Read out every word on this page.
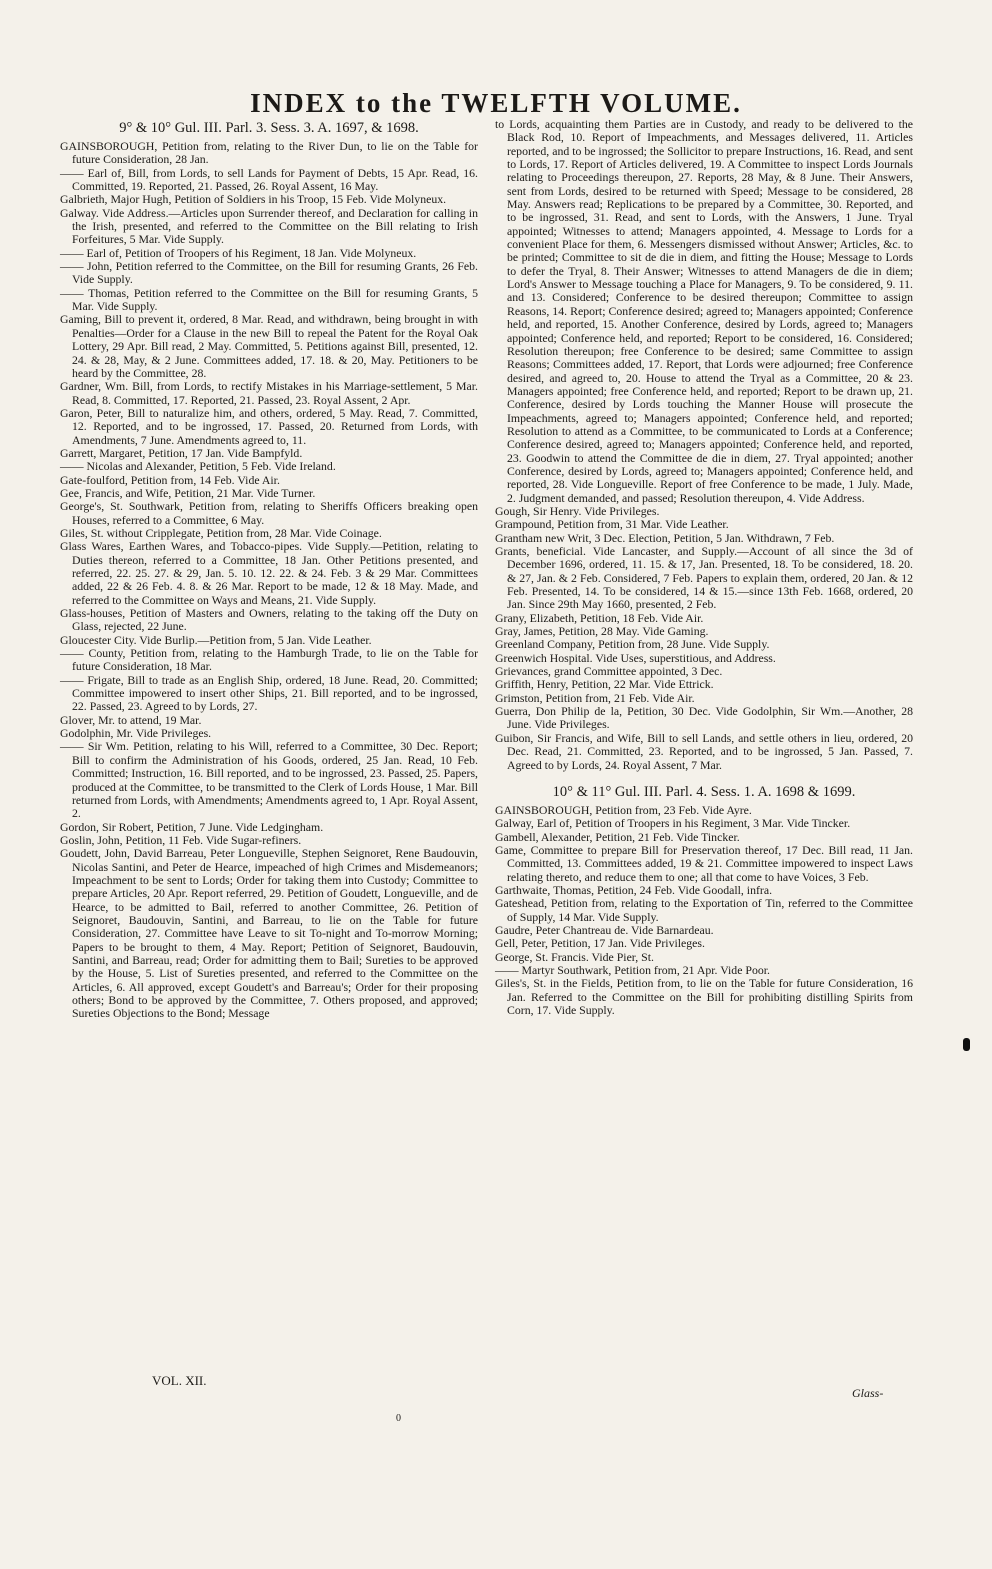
INDEX to the TWELFTH VOLUME.
9° & 10° Gul. III. Parl. 3. Sess. 3. A. 1697, & 1698.

GAINSBOROUGH, Petition from, relating to the River Dun, to lie on the Table for future Consideration, 28 Jan.

—— Earl of, Bill, from Lords, to sell Lands for Payment of Debts, 15 Apr. Read, 16. Committed, 19. Reported, 21. Passed, 26. Royal Assent, 16 May.

Galbrieth, Major Hugh, Petition of Soldiers in his Troop, 15 Feb. Vide Molyneux.

Galway. Vide Address.—Articles upon Surrender thereof, and Declaration for calling in the Irish, presented, and referred to the Committee on the Bill relating to Irish Forfeitures, 5 Mar. Vide Supply.

—— Earl of, Petition of Troopers of his Regiment, 18 Jan. Vide Molyneux.

—— John, Petition referred to the Committee, on the Bill for resuming Grants, 26 Feb. Vide Supply.

—— Thomas, Petition referred to the Committee on the Bill for resuming Grants, 5 Mar. Vide Supply.

Gaming, Bill to prevent it, ordered, 8 Mar. Read, and withdrawn, being brought in with Penalties—Order for a Clause in the new Bill to repeal the Patent for the Royal Oak Lottery, 29 Apr. Bill read, 2 May. Committed, 5. Petitions against Bill, presented, 12. 24. & 28, May, & 2 June. Committees added, 17. 18. & 20, May. Petitioners to be heard by the Committee, 28.

Gardner, Wm. Bill, from Lords, to rectify Mistakes in his Marriage-settlement, 5 Mar. Read, 8. Committed, 17. Reported, 21. Passed, 23. Royal Assent, 2 Apr.

Garon, Peter, Bill to naturalize him, and others, ordered, 5 May. Read, 7. Committed, 12. Reported, and to be ingrossed, 17. Passed, 20. Returned from Lords, with Amendments, 7 June. Amendments agreed to, 11.

Garrett, Margaret, Petition, 17 Jan. Vide Bampfyld.

—— Nicolas and Alexander, Petition, 5 Feb. Vide Ireland.

Gate-foulford, Petition from, 14 Feb. Vide Air.

Gee, Francis, and Wife, Petition, 21 Mar. Vide Turner.

George's, St. Southwark, Petition from, relating to Sheriffs Officers breaking open Houses, referred to a Committee, 6 May.

Giles, St. without Cripplegate, Petition from, 28 Mar. Vide Coinage.

Glass Wares, Earthen Wares, and Tobacco-pipes. Vide Supply.—Petition, relating to Duties thereon, referred to a Committee, 18 Jan. Other Petitions presented, and referred, 22. 25. 27. & 29, Jan. 5. 10. 12. 22. & 24. Feb. 3 & 29 Mar. Committees added, 22 & 26 Feb. 4. 8. & 26 Mar. Report to be made, 12 & 18 May. Made, and referred to the Committee on Ways and Means, 21. Vide Supply.

Glass-houses, Petition of Masters and Owners, relating to the taking off the Duty on Glass, rejected, 22 June.

Gloucester City. Vide Burlip.—Petition from, 5 Jan. Vide Leather.

—— County, Petition from, relating to the Hamburgh Trade, to lie on the Table for future Consideration, 18 Mar.

—— Frigate, Bill to trade as an English Ship, ordered, 18 June. Read, 20. Committed; Committee impowered to insert other Ships, 21. Bill reported, and to be ingrossed, 22. Passed, 23. Agreed to by Lords, 27.

Glover, Mr. to attend, 19 Mar.

Godolphin, Mr. Vide Privileges.

—— Sir Wm. Petition, relating to his Will, referred to a Committee, 30 Dec. Report; Bill to confirm the Administration of his Goods, ordered, 25 Jan. Read, 10 Feb. Committed; Instruction, 16. Bill reported, and to be ingrossed, 23. Passed, 25. Papers, produced at the Committee, to be transmitted to the Clerk of Lords House, 1 Mar. Bill returned from Lords, with Amendments; Amendments agreed to, 1 Apr. Royal Assent, 2.

Gordon, Sir Robert, Petition, 7 June. Vide Ledgingham.

Goslin, John, Petition, 11 Feb. Vide Sugar-refiners.

Goudett, John, David Barreau, Peter Longueville, Stephen Seignoret, Rene Baudouvin, Nicolas Santini, and Peter de Hearce, impeached of high Crimes and Misdemeanors; Impeachment to be sent to Lords; Order for taking them into Custody; Committee to prepare Articles, 20 Apr. Report referred, 29. Petition of Goudett, Longueville, and de Hearce, to be admitted to Bail, referred to another Committee, 26. Petition of Seignoret, Baudouvin, Santini, and Barreau, to lie on the Table for future Consideration, 27. Committee have Leave to sit To-night and To-morrow Morning; Papers to be brought to them, 4 May. Report; Petition of Seignoret, Baudouvin, Santini, and Barreau, read; Order for admitting them to Bail; Sureties to be approved by the House, 5. List of Sureties presented, and referred to the Committee on the Articles, 6. All approved, except Goudett's and Barreau's; Order for their proposing others; Bond to be approved by the Committee, 7. Others proposed, and approved; Sureties Objections to the Bond; Message

to Lords, acquainting them Parties are in Custody, and ready to be delivered to the Black Rod, 10. Report of Impeachments, and Messages delivered, 11. Articles reported, and to be ingrossed; the Sollicitor to prepare Instructions, 16. Read, and sent to Lords, 17. Report of Articles delivered, 19. A Committee to inspect Lords Journals relating to Proceedings thereupon, 27. Reports, 28 May, & 8 June. Their Answers, sent from Lords, desired to be returned with Speed; Message to be considered, 28 May. Answers read; Replications to be prepared by a Committee, 30. Reported, and to be ingrossed, 31. Read, and sent to Lords, with the Answers, 1 June. Tryal appointed; Witnesses to attend; Managers appointed, 4. Message to Lords for a convenient Place for them, 6. Messengers dismissed without Answer; Articles, &c. to be printed; Committee to sit de die in diem, and fitting the House; Message to Lords to defer the Tryal, 8. Their Answer; Witnesses to attend Managers de die in diem; Lord's Answer to Message touching a Place for Managers, 9. To be considered, 9. 11. and 13. Considered; Conference to be desired thereupon; Committee to assign Reasons, 14. Report; Conference desired; agreed to; Managers appointed; Conference held, and reported, 15. Another Conference, desired by Lords, agreed to; Managers appointed; Conference held, and reported; Report to be considered, 16. Considered; Resolution thereupon; free Conference to be desired; same Committee to assign Reasons; Committees added, 17. Report, that Lords were adjourned; free Conference desired, and agreed to, 20. House to attend the Tryal as a Committee, 20 & 23. Managers appointed; free Conference held, and reported; Report to be drawn up, 21. Conference, desired by Lords touching the Manner House will prosecute the Impeachments, agreed to; Managers appointed; Conference held, and reported; Resolution to attend as a Committee, to be communicated to Lords at a Conference; Conference desired, agreed to; Managers appointed; Conference held, and reported, 23. Goodwin to attend the Committee de die in diem, 27. Tryal appointed; another Conference, desired by Lords, agreed to; Managers appointed; Conference held, and reported, 28. Vide Longueville. Report of free Conference to be made, 1 July. Made, 2. Judgment demanded, and passed; Resolution thereupon, 4. Vide Address.

Gough, Sir Henry. Vide Privileges.

Grampound, Petition from, 31 Mar. Vide Leather.

Grantham new Writ, 3 Dec. Election, Petition, 5 Jan. Withdrawn, 7 Feb.

Grants, beneficial. Vide Lancaster, and Supply.—Account of all since the 3d of December 1696, ordered, 11. 15. & 17, Jan. Presented, 18. To be considered, 18. 20. & 27, Jan. & 2 Feb. Considered, 7 Feb. Papers to explain them, ordered, 20 Jan. & 12 Feb. Presented, 14. To be considered, 14 & 15.—since 13th Feb. 1668, ordered, 20 Jan. Since 29th May 1660, presented, 2 Feb.

Grany, Elizabeth, Petition, 18 Feb. Vide Air.

Gray, James, Petition, 28 May. Vide Gaming.

Greenland Company, Petition from, 28 June. Vide Supply.

Greenwich Hospital. Vide Uses, superstitious, and Address.

Grievances, grand Committee appointed, 3 Dec.

Griffith, Henry, Petition, 22 Mar. Vide Ettrick.

Grimston, Petition from, 21 Feb. Vide Air.

Guerra, Don Philip de la, Petition, 30 Dec. Vide Godolphin, Sir Wm.—Another, 28 June. Vide Privileges.

Guibon, Sir Francis, and Wife, Bill to sell Lands, and settle others in lieu, ordered, 20 Dec. Read, 21. Committed, 23. Reported, and to be ingrossed, 5 Jan. Passed, 7. Agreed to by Lords, 24. Royal Assent, 7 Mar.

10° & 11° Gul. III. Parl. 4. Sess. 1. A. 1698 & 1699.

GAINSBOROUGH, Petition from, 23 Feb. Vide Ayre.

Galway, Earl of, Petition of Troopers in his Regiment, 3 Mar. Vide Tincker.

Gambell, Alexander, Petition, 21 Feb. Vide Tincker.

Game, Committee to prepare Bill for Preservation thereof, 17 Dec. Bill read, 11 Jan. Committed, 13. Committees added, 19 & 21. Committee impowered to inspect Laws relating thereto, and reduce them to one; all that come to have Voices, 3 Feb.

Garthwaite, Thomas, Petition, 24 Feb. Vide Goodall, infra.

Gateshead, Petition from, relating to the Exportation of Tin, referred to the Committee of Supply, 14 Mar. Vide Supply.

Gaudre, Peter Chantreau de. Vide Barnardeau.

Gell, Peter, Petition, 17 Jan. Vide Privileges.

George, St. Francis. Vide Pier, St.

—— Martyr Southwark, Petition from, 21 Apr. Vide Poor.

Giles's, St. in the Fields, Petition from, to lie on the Table for future Consideration, 16 Jan. Referred to the Committee on the Bill for prohibiting distilling Spirits from Corn, 17. Vide Supply.

VOL. XII.
Glass-
0
